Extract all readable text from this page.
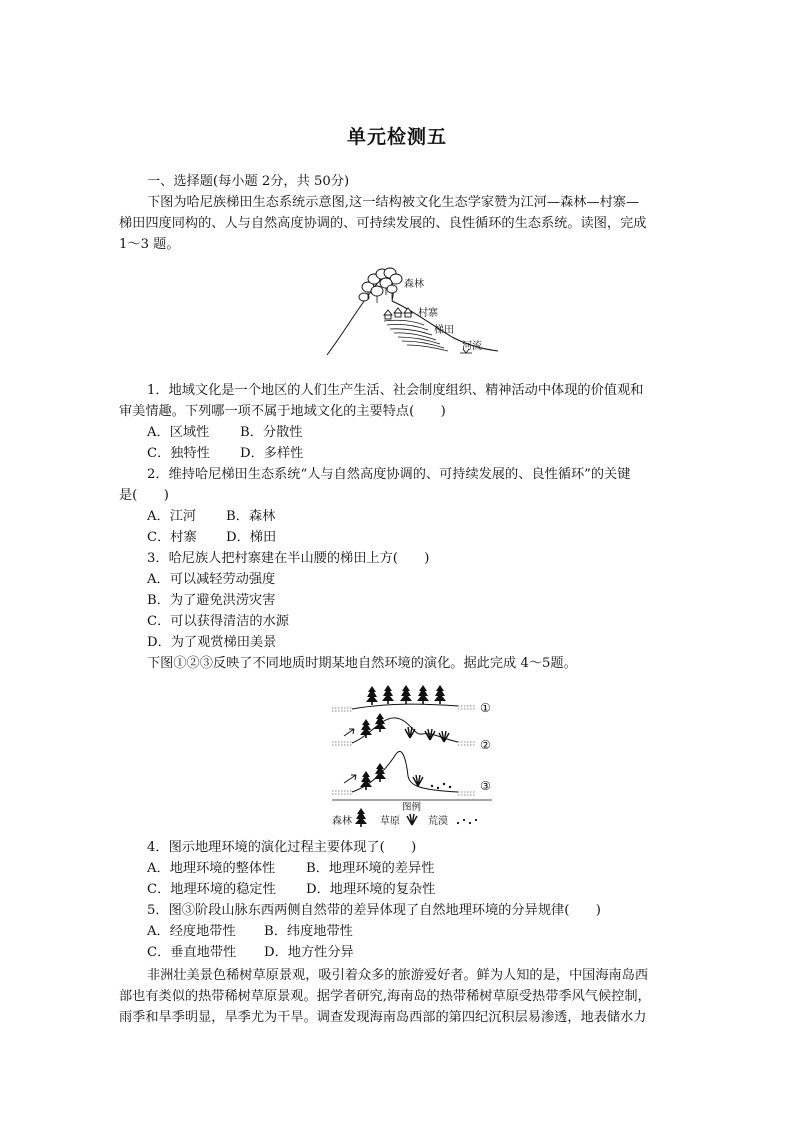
单元检测五
一、选择题(每小题 2分，共 50分)
下图为哈尼族梯田生态系统示意图,这一结构被文化生态学家赞为江河—森林—村寨—
梯田四度同构的、人与自然高度协调的、可持续发展的、良性循环的生态系统。读图，完成
1～3 题。
森林
村寨
梯田
河流
1．地域文化是一个地区的人们生产生活、社会制度组织、精神活动中体现的价值观和
审美情趣。下列哪一项不属于地域文化的主要特点(　　)
A．区域性 B．分散性
C．独特性 D．多样性
2．维持哈尼梯田生态系统“人与自然高度协调的、可持续发展的、良性循环”的关键
是(　　)
A．江河 B．森林
C．村寨 D．梯田
3．哈尼族人把村寨建在半山腰的梯田上方(　　)
A．可以减轻劳动强度
B．为了避免洪涝灾害
C．可以获得清洁的水源
D．为了观赏梯田美景
下图①②③反映了不同地质时期某地自然环境的演化。据此完成 4～5题。
①
②
③
图例
森林	草原	荒漠
4．图示地理环境的演化过程主要体现了(　　)
A．地理环境的整体性 B．地理环境的差异性
C．地理环境的稳定性 D．地理环境的复杂性
5．图③阶段山脉东西两侧自然带的差异体现了自然地理环境的分异规律(　　)
A．经度地带性 B．纬度地带性
C．垂直地带性 D．地方性分异
非洲壮美景色稀树草原景观，吸引着众多的旅游爱好者。鲜为人知的是，中国海南岛西
部也有类似的热带稀树草原景观。据学者研究,海南岛的热带稀树草原受热带季风气候控制，
雨季和旱季明显，旱季尤为干旱。调查发现海南岛西部的第四纪沉积层易渗透，地表储水力
